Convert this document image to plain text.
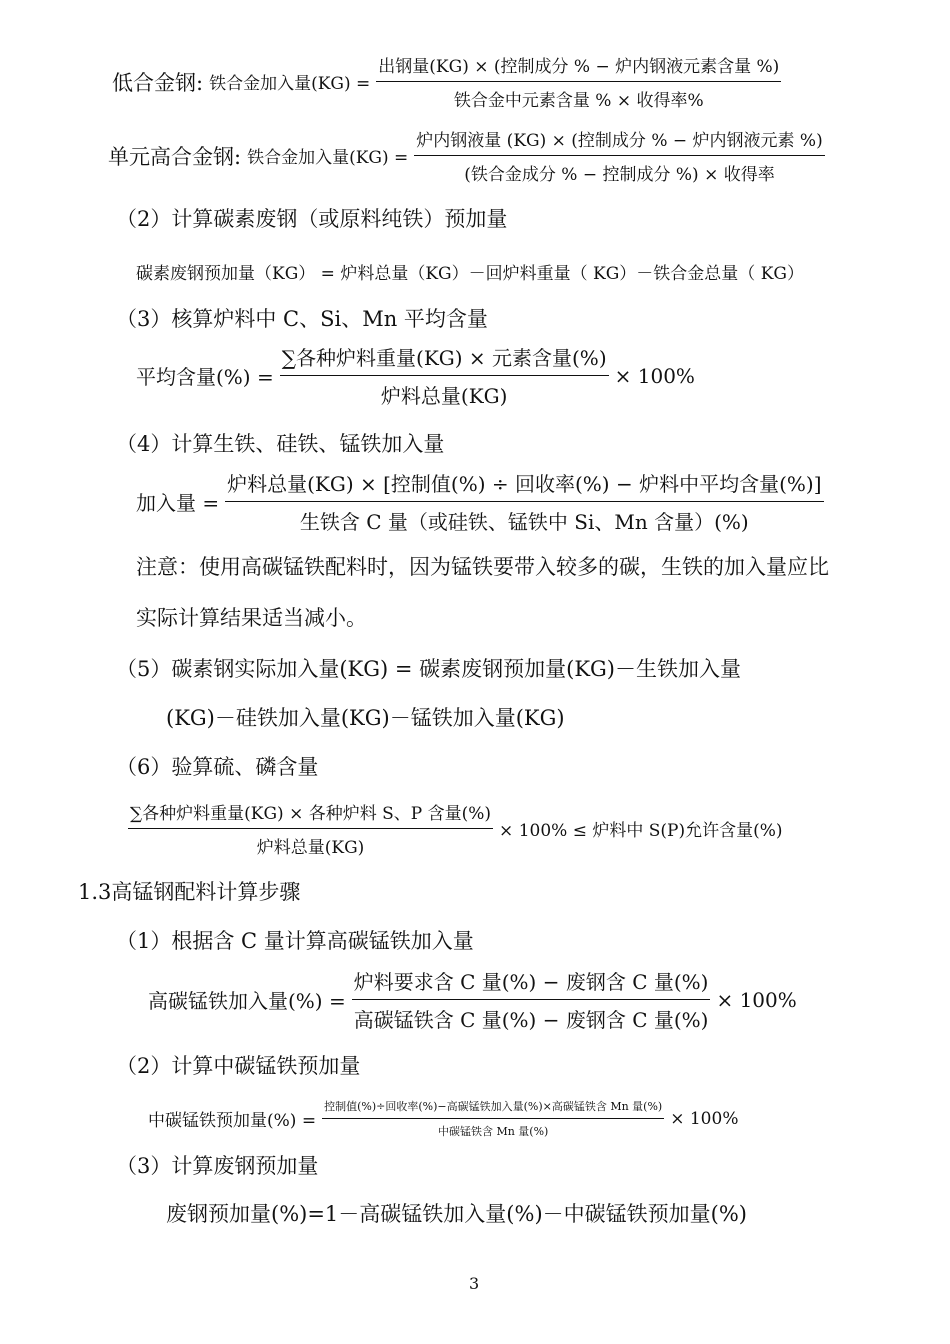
低合金钢: 铁合金加入量$(KG) = \frac{\text{出钢量(KG) × (控制成分 \% − 炉内钢液元素含量 \%)}}{\text{铁合金中元素含量 \% × 收得率\%}}$
单元高合金钢: 铁合金加入量$(KG) = \frac{\text{炉内钢液量 (KG) × (控制成分 \% − 炉内钢液元素 \%)}}{\text{(铁合金成分 \% − 控制成分 \%) × 收得率}}$
（2）计算碳素废钢（或原料纯铁）预加量
碳素废钢预加量（KG） = 炉料总量（KG）－回炉料重量（ KG）－铁合金总量（ KG）
（3）核算炉料中 C、Si、Mn 平均含量
平均含量(%) = $\frac{\text{∑各种炉料重量(KG) × 元素含量(\%)}}{\text{炉料总量(KG)}} \times 100\%$
（4）计算生铁、硅铁、锰铁加入量
加入量 = $\frac{\text{炉料总量(KG) × [控制值(\%) ÷ 回收率(\%) − 炉料中平均含量(\%)]}}{\text{生铁含 C 量（或硅铁、锰铁中 Si、Mn 含量）(\%)}}$
注意：使用高碳锰铁配料时，因为锰铁要带入较多的碳，生铁的加入量应比
实际计算结果适当减小。
（5）碳素钢实际加入量(KG) = 碳素废钢预加量(KG)－生铁加入量
(KG)－硅铁加入量(KG)－锰铁加入量(KG)
（6）验算硫、磷含量
$\frac{\text{∑各种炉料重量(KG) × 各种炉料 S、P 含量(\%)}}{\text{炉料总量(KG)}} \times 100\%$ ≤ 炉料中 S(P)允许含量(%)
1.3高锰钢配料计算步骤
（1）根据含 C 量计算高碳锰铁加入量
高碳锰铁加入量(%) = $\frac{\text{炉料要求含 C 量(\%) − 废钢含 C 量(\%)}}{\text{高碳锰铁含 C 量(\%) − 废钢含 C 量(\%)}} \times 100\%$
（2）计算中碳锰铁预加量
中碳锰铁预加量(%) = $\frac{\text{控制值(\%)÷回收率(\%)−高碳锰铁加入量(\%)×高碳锰铁含 Mn 量(\%)}}{\text{中碳锰铁含 Mn 量(\%)}} \times 100\%$
（3）计算废钢预加量
废钢预加量(%)=1－高碳锰铁加入量(%)－中碳锰铁预加量(%)
3
